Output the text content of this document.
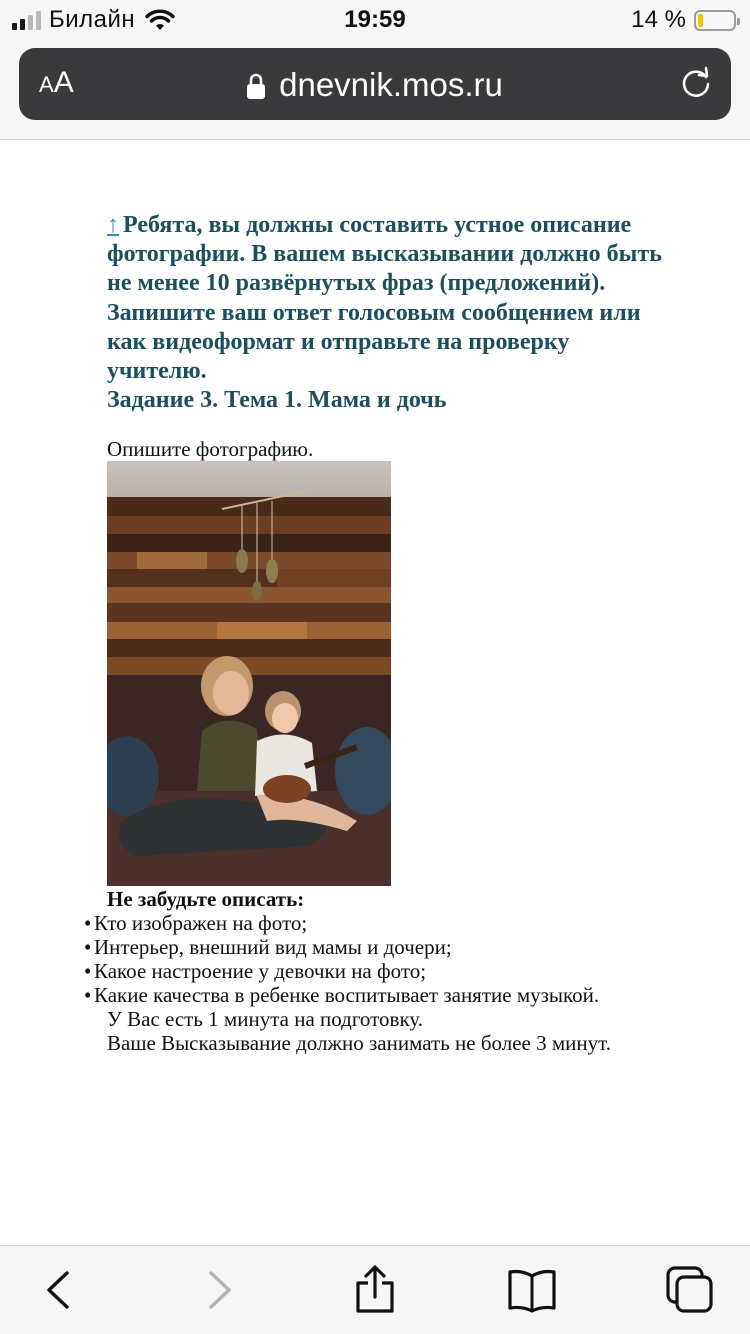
Билайн	19:59	14 %
AA	dnevnik.mos.ru
↑ Ребята, вы должны составить устное описание
фотографии. В вашем высказывании должно быть
не менее 10 развёрнутых фраз (предложений).
Запишите ваш ответ голосовым сообщением или
как видеоформат и отправьте на проверку
учителю.
Задание 3. Тема 1. Мама и дочь
Опишите фотографию.
Не забудьте описать:
• Кто изображен на фото;
• Интерьер, внешний вид мамы и дочери;
• Какое настроение у девочки на фото;
• Какие качества в ребенке воспитывает занятие музыкой.
У Вас есть 1 минута на подготовку.
Ваше Высказывание должно занимать не более 3 минут.
